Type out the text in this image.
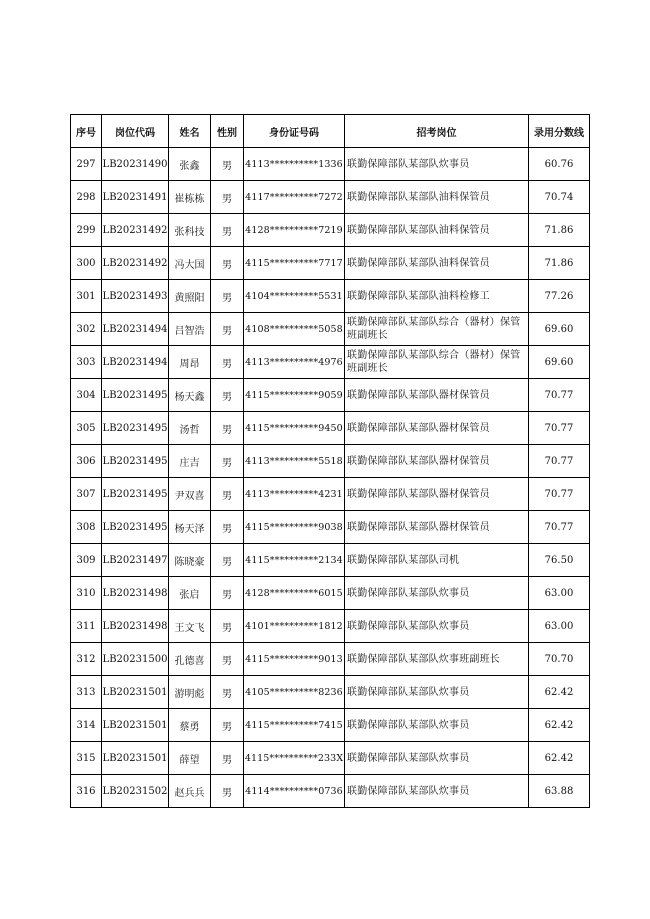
序号	岗位代码	姓名	性别	身份证号码	招考岗位	录用分数线
297	LB20231490	张鑫	男	4113**********1336	联勤保障部队某部队炊事员	60.76
298	LB20231491	崔栋栋	男	4117**********7272	联勤保障部队某部队油料保管员	70.74
299	LB20231492	张科技	男	4128**********7219	联勤保障部队某部队油料保管员	71.86
300	LB20231492	冯大国	男	4115**********7717	联勤保障部队某部队油料保管员	71.86
301	LB20231493	黄照阳	男	4104**********5531	联勤保障部队某部队油料检修工	77.26
302	LB20231494	吕智浩	男	4108**********5058	联勤保障部队某部队综合（器材）保管班副班长	69.60
303	LB20231494	周昂	男	4113**********4976	联勤保障部队某部队综合（器材）保管班副班长	69.60
304	LB20231495	杨天鑫	男	4115**********9059	联勤保障部队某部队器材保管员	70.77
305	LB20231495	汤哲	男	4115**********9450	联勤保障部队某部队器材保管员	70.77
306	LB20231495	庄吉	男	4113**********5518	联勤保障部队某部队器材保管员	70.77
307	LB20231495	尹双喜	男	4113**********4231	联勤保障部队某部队器材保管员	70.77
308	LB20231495	杨天泽	男	4115**********9038	联勤保障部队某部队器材保管员	70.77
309	LB20231497	陈晓豪	男	4115**********2134	联勤保障部队某部队司机	76.50
310	LB20231498	张启	男	4128**********6015	联勤保障部队某部队炊事员	63.00
311	LB20231498	王文飞	男	4101**********1812	联勤保障部队某部队炊事员	63.00
312	LB20231500	孔德喜	男	4115**********9013	联勤保障部队某部队炊事班副班长	70.70
313	LB20231501	游明彪	男	4105**********8236	联勤保障部队某部队炊事员	62.42
314	LB20231501	蔡勇	男	4115**********7415	联勤保障部队某部队炊事员	62.42
315	LB20231501	薛望	男	4115**********233X	联勤保障部队某部队炊事员	62.42
316	LB20231502	赵兵兵	男	4114**********0736	联勤保障部队某部队炊事员	63.88
